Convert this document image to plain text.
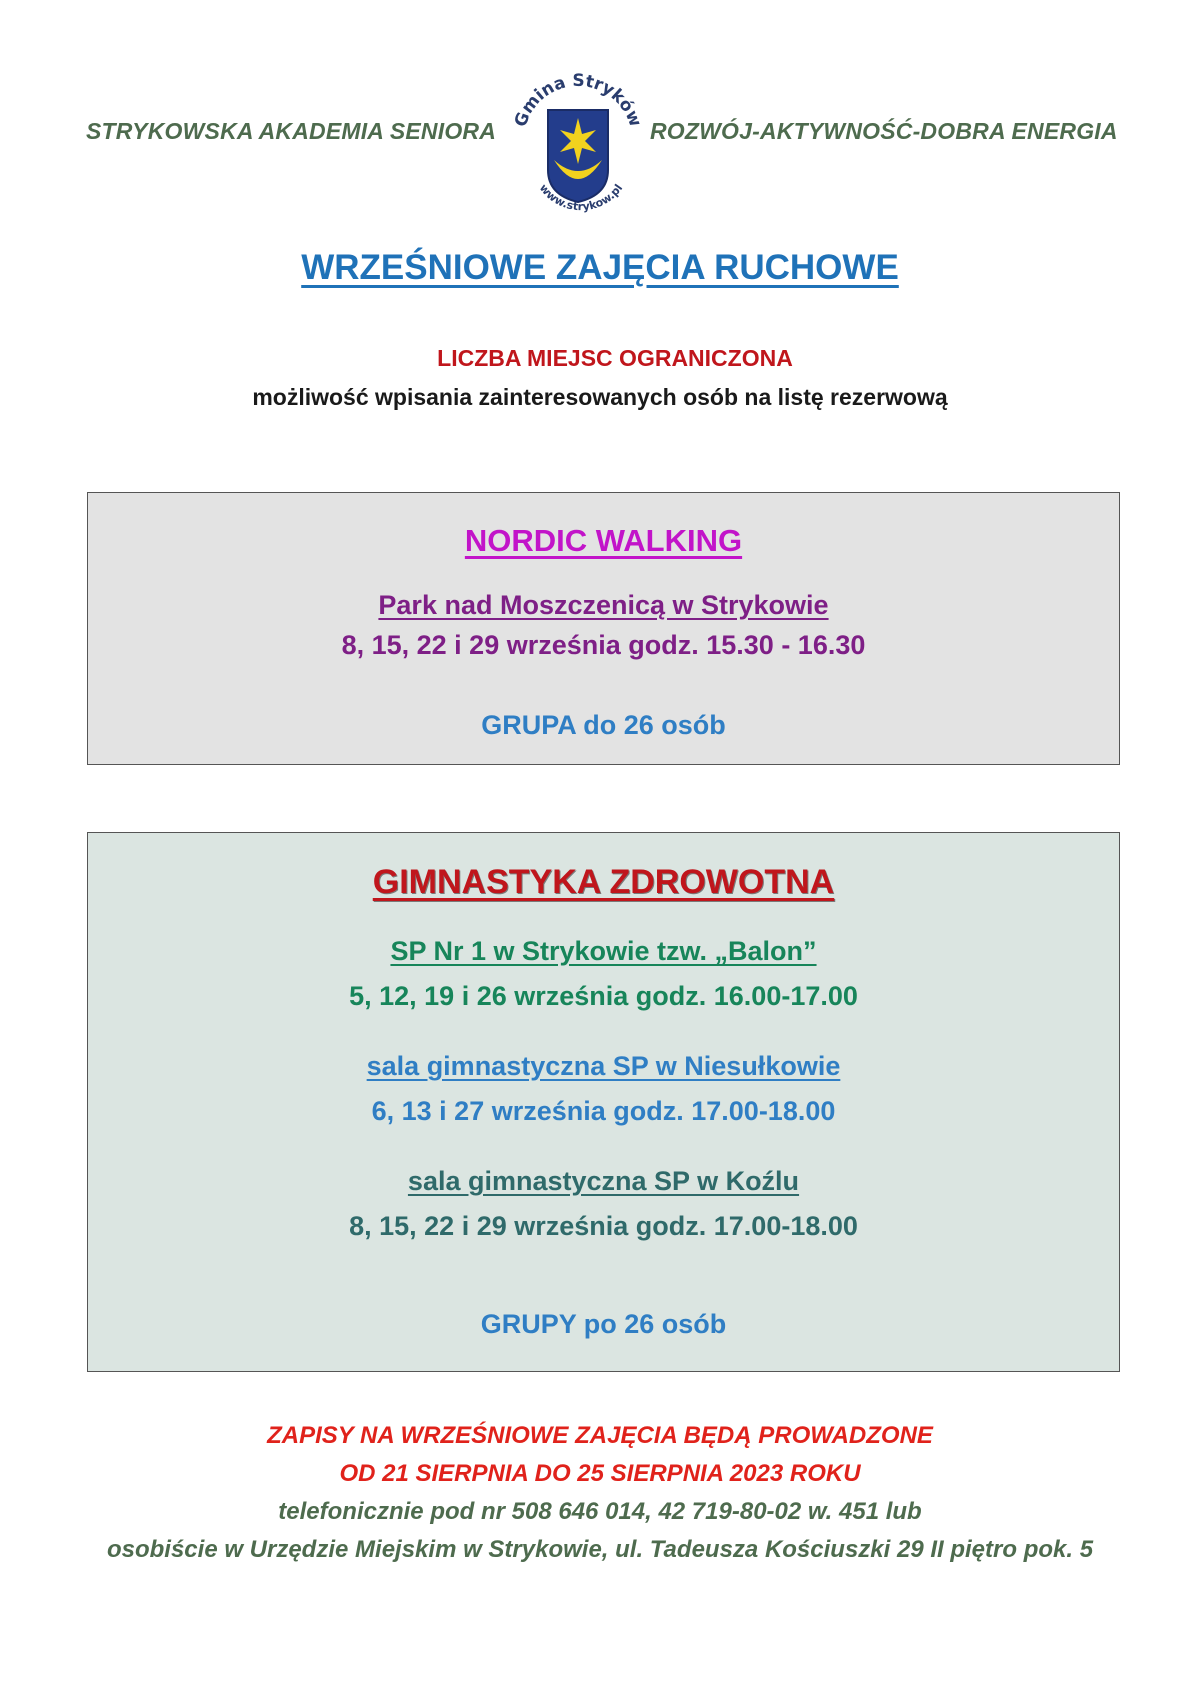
STRYKOWSKA AKADEMIA SENIORA Gmina Stryków
www.strykow.pl
ROZWÓJ-AKTYWNOŚĆ-DOBRA ENERGIA
WRZEŚNIOWE ZAJĘCIA RUCHOWE
LICZBA MIEJSC OGRANICZONA
możliwość wpisania zainteresowanych osób na listę rezerwową
NORDIC WALKING
Park nad Moszczenicą w Strykowie
8, 15, 22 i 29 września godz. 15.30 - 16.30
GRUPA do 26 osób
GIMNASTYKA ZDROWOTNA
SP Nr 1 w Strykowie tzw. „Balon”
5, 12, 19 i 26 września godz. 16.00-17.00
sala gimnastyczna SP w Niesułkowie
6, 13 i 27 września godz. 17.00-18.00
sala gimnastyczna SP w Koźlu
8, 15, 22 i 29 września godz. 17.00-18.00
GRUPY po 26 osób
ZAPISY NA WRZEŚNIOWE ZAJĘCIA BĘDĄ PROWADZONE
OD 21 SIERPNIA DO 25 SIERPNIA 2023 ROKU
telefonicznie pod nr 508 646 014, 42 719-80-02 w. 451 lub
osobiście w Urzędzie Miejskim w Strykowie, ul. Tadeusza Kościuszki 29 II piętro pok. 5
